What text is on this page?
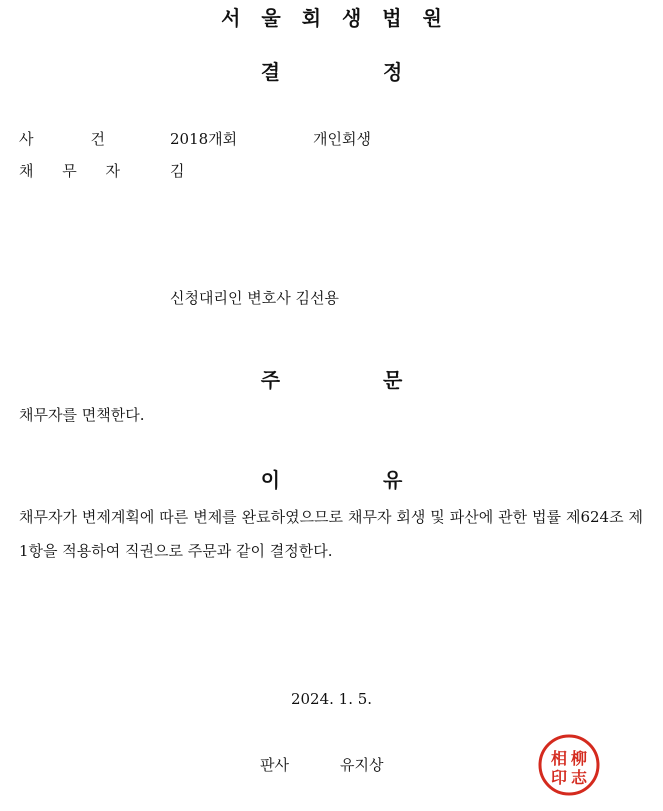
서 울 회 생 법 원
결	정
사	건	2018개회	개인회생
채 무 자	김
신청대리인 변호사 김선용
주	문
채무자를 면책한다.
이	유
채무자가 변제계획에 따른 변제를 완료하였으므로 채무자 회생 및 파산에 관한 법률 제624조 제1항을 적용하여 직권으로 주문과 같이 결정한다.
2024. 1. 5.
판사	유지상	相 柳
印 志
